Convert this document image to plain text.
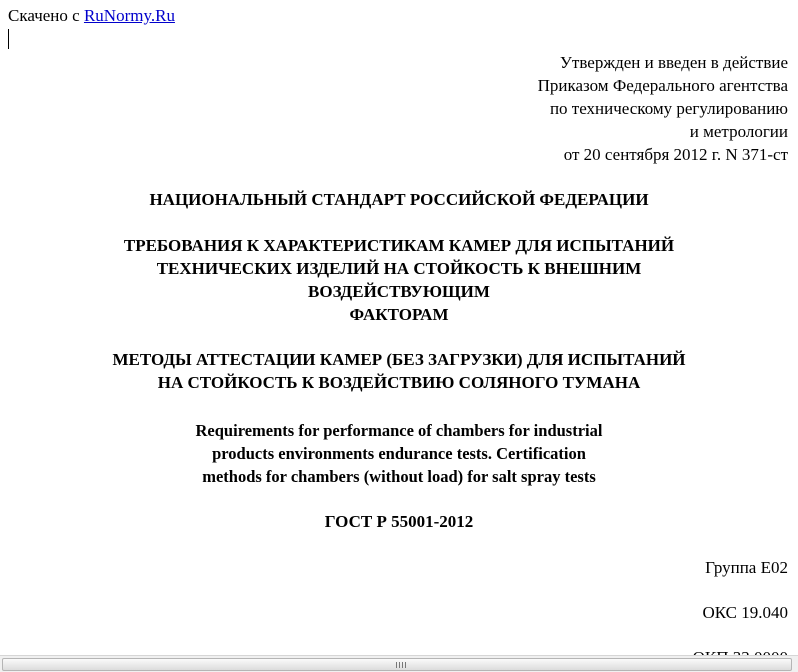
Скачено с RuNormy.Ru
Утвержден и введен в действие
Приказом Федерального агентства
по техническому регулированию
и метрологии
от 20 сентября 2012 г. N 371-ст
НАЦИОНАЛЬНЫЙ СТАНДАРТ РОССИЙСКОЙ ФЕДЕРАЦИИ
ТРЕБОВАНИЯ К ХАРАКТЕРИСТИКАМ КАМЕР ДЛЯ ИСПЫТАНИЙ
ТЕХНИЧЕСКИХ ИЗДЕЛИЙ НА СТОЙКОСТЬ К ВНЕШНИМ
ВОЗДЕЙСТВУЮЩИМ
ФАКТОРАМ
МЕТОДЫ АТТЕСТАЦИИ КАМЕР (БЕЗ ЗАГРУЗКИ) ДЛЯ ИСПЫТАНИЙ
НА СТОЙКОСТЬ К ВОЗДЕЙСТВИЮ СОЛЯНОГО ТУМАНА
Requirements for performance of chambers for industrial
products environments endurance tests. Certification
methods for chambers (without load) for salt spray tests
ГОСТ Р 55001-2012
Группа Е02
ОКС 19.040
